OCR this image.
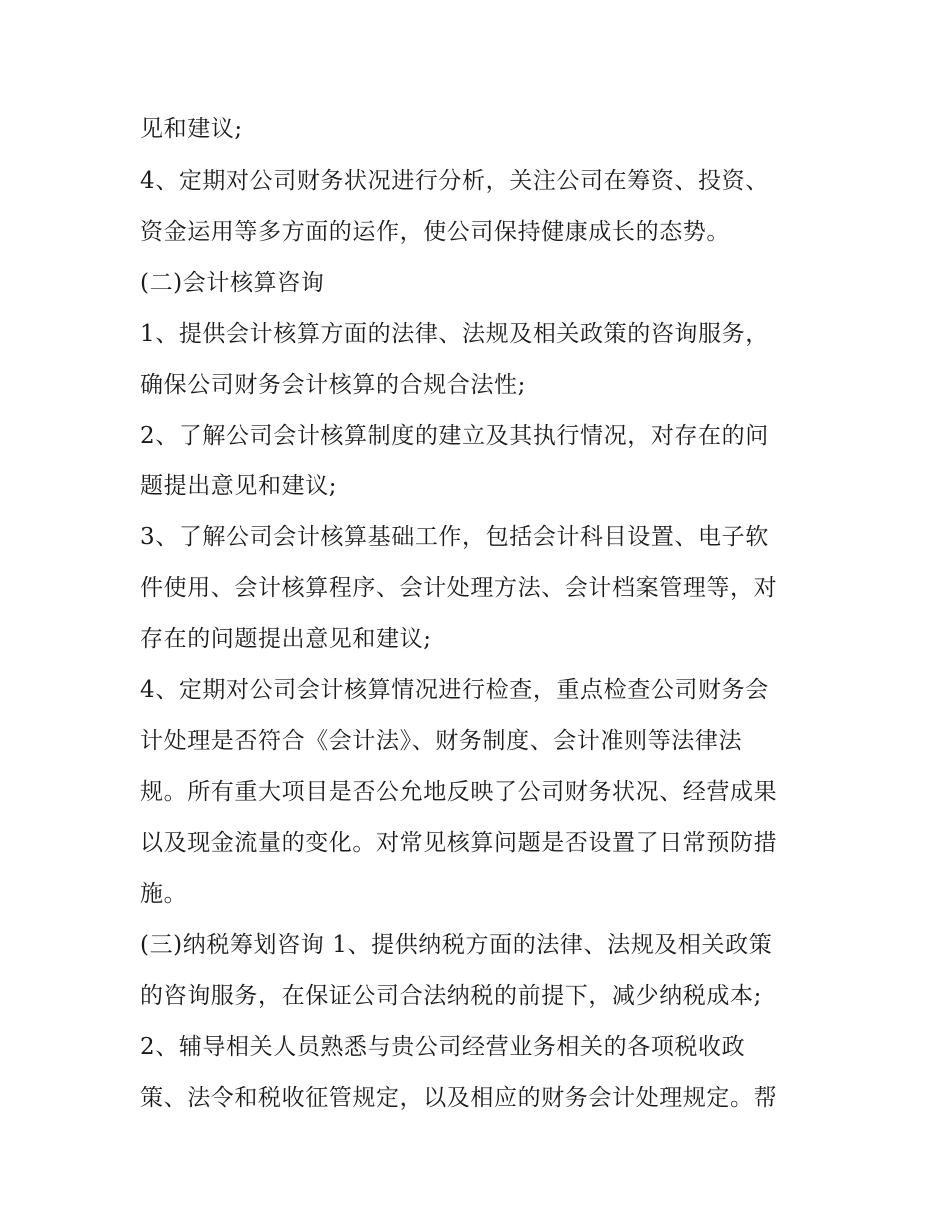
见和建议;
4、定期对公司财务状况进行分析，关注公司在筹资、投资、
资金运用等多方面的运作，使公司保持健康成长的态势。
(二)会计核算咨询
1、提供会计核算方面的法律、法规及相关政策的咨询服务，
确保公司财务会计核算的合规合法性;
2、了解公司会计核算制度的建立及其执行情况，对存在的问
题提出意见和建议;
3、了解公司会计核算基础工作，包括会计科目设置、电子软
件使用、会计核算程序、会计处理方法、会计档案管理等，对
存在的问题提出意见和建议;
4、定期对公司会计核算情况进行检查，重点检查公司财务会
计处理是否符合《会计法》、财务制度、会计准则等法律法
规。所有重大项目是否公允地反映了公司财务状况、经营成果
以及现金流量的变化。对常见核算问题是否设置了日常预防措
施。
(三)纳税筹划咨询 1、提供纳税方面的法律、法规及相关政策
的咨询服务，在保证公司合法纳税的前提下，减少纳税成本;
2、辅导相关人员熟悉与贵公司经营业务相关的各项税收政
策、法令和税收征管规定，以及相应的财务会计处理规定。帮
